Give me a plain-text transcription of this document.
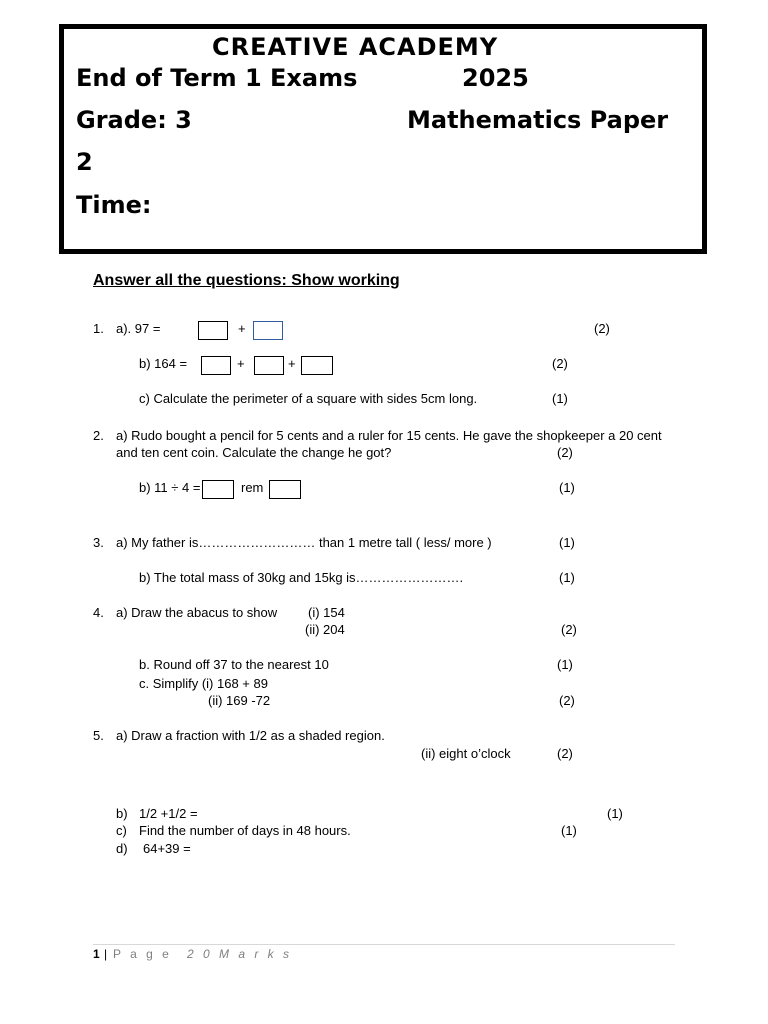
CREATIVE ACADEMY
End of Term 1 Exams	2025
Grade: 3	Mathematics Paper
2
Time:
Answer all the questions: Show working
1. a). 97 =	+	(2)
b) 164 =	+	+	(2)
c) Calculate the perimeter of a square with sides 5cm long.	(1)
2. a) Rudo bought a pencil for 5 cents and a ruler for 15 cents. He gave the shopkeeper a 20 cent
and ten cent coin. Calculate the change he got?	(2)
b) 11 ÷ 4 =	rem	(1)
3. a) My father is……………………… than 1 metre tall ( less/ more )	(1)
b) The total mass of 30kg and 15kg is…………………….	(1)
4. a) Draw the abacus to show (i) 154
(ii) 204	(2)
b. Round off 37 to the nearest 10	(1)
c. Simplify (i) 168 + 89
(ii) 169 -72	(2)
5. a) Draw a fraction with 1/2 as a shaded region.
(ii) eight o’clock	(2)
b) 1/2 +1/2 =	(1)
c) Find the number of days in 48 hours.	(1)
d) 64+39 =
1 | P a g e 2 0 M a r k s
